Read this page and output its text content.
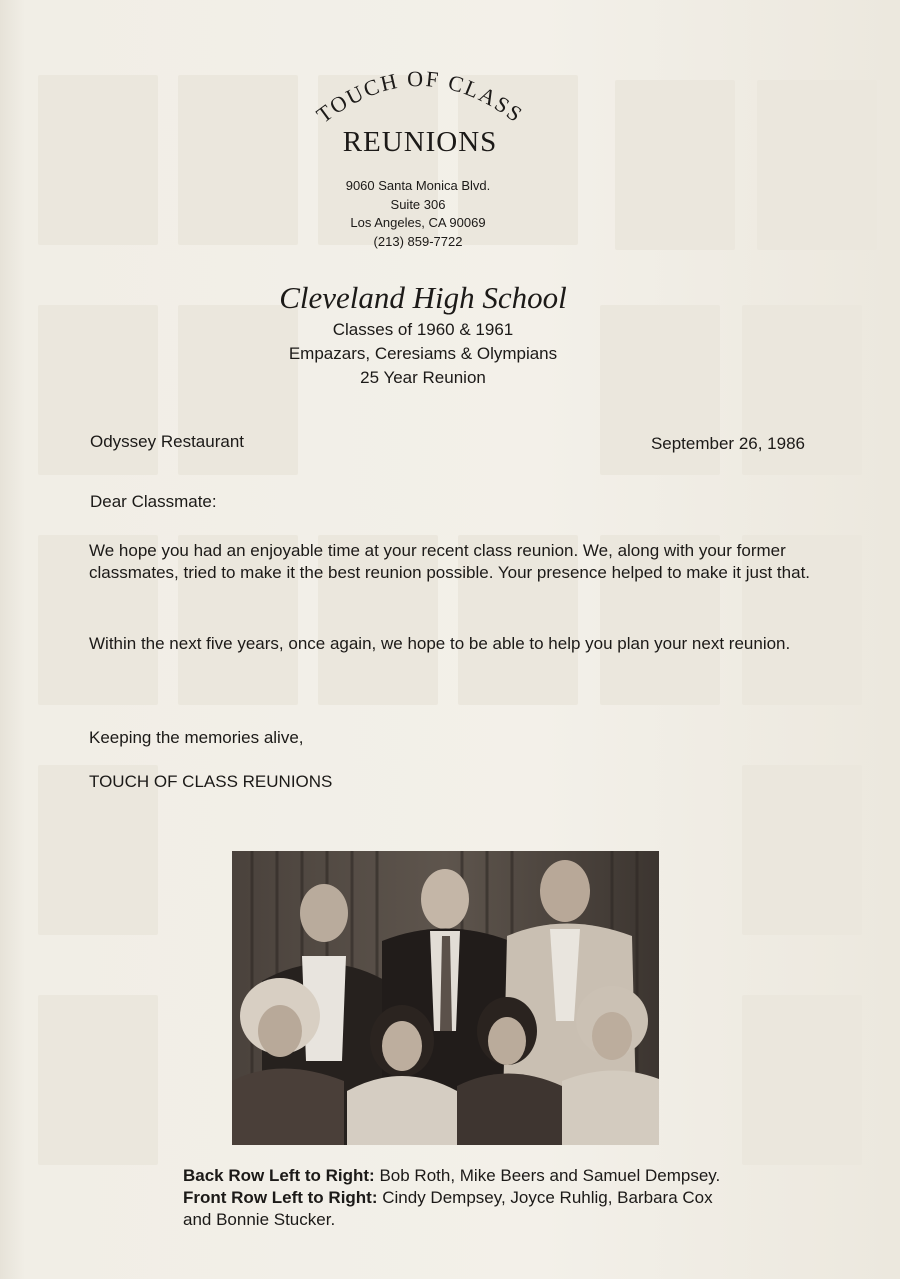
TOUCH OF CLASS
REUNIONS
9060 Santa Monica Blvd.
Suite 306
Los Angeles, CA 90069
(213) 859-7722
Cleveland High School
Classes of 1960 & 1961
Empazars, Ceresiams & Olympians
25 Year Reunion
Odyssey Restaurant	September 26, 1986
Dear Classmate:
We hope you had an enjoyable time at your recent class reunion. We, along with your former classmates, tried to make it the best reunion possible. Your presence helped to make it just that.
Within the next five years, once again, we hope to be able to help you plan your next reunion.
Keeping the memories alive,
TOUCH OF CLASS REUNIONS
Back Row Left to Right: Bob Roth, Mike Beers and Samuel Dempsey. Front Row Left to Right: Cindy Dempsey, Joyce Ruhlig, Barbara Cox and Bonnie Stucker.
